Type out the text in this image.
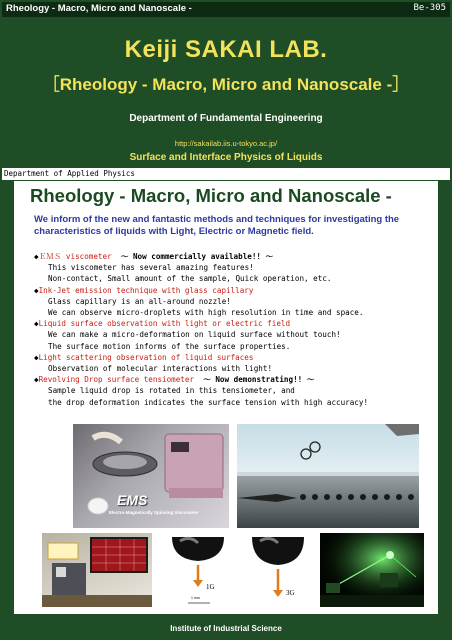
Rheology - Macro, Micro and Nanoscale -	Be-305
Keiji SAKAI LAB.
［Rheology - Macro, Micro and Nanoscale -］
Department of Fundamental Engineering
http://sakailab.iis.u-tokyo.ac.jp/
Surface and Interface Physics of Liquids
Department of Applied Physics
Rheology - Macro, Micro and Nanoscale -
We inform of the new and fantastic methods and techniques for investigating the characteristics of liquids with Light, Electric or Magnetic field.
◆ＥＭＳ viscometer ～ Now commercially available!! ～
This viscometer has several amazing features!
Non-contact, Small amount of the sample, Quick operation, etc.
◆Ink-Jet emission technique with glass capillary
Glass capillary is an all-around nozzle!
We can observe micro-droplets with high resolution in time and space.
◆Liquid surface observation with light or electric field
We can make a micro-deformation on liquid surface without touch!
The surface motion informs of the surface properties.
◆Light scattering observation of liquid surfaces
Observation of molecular interactions with light!
◆Revolving Drop surface tensiometer ～ Now demonstrating!! ～
Sample liquid drop is rotated in this tensiometer, and
the drop deformation indicates the surface tension with high accuracy!
EMS
Electro-Magnetically Spinning Viscometer
1G
3G
1 mm
Institute of Industrial Science
